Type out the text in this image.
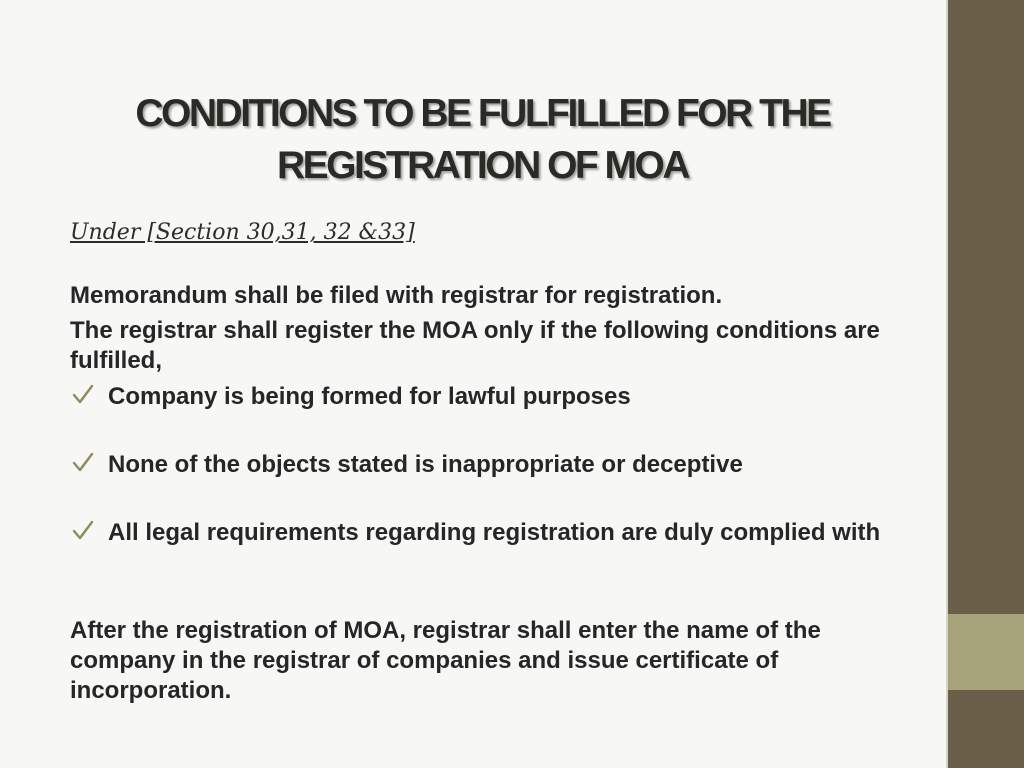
CONDITIONS TO BE FULFILLED FOR THE REGISTRATION OF MOA

Under [Section 30,31, 32 &33]

Memorandum shall be filed with registrar for registration.

The registrar shall register the MOA only if the following conditions are fulfilled,

Company is being formed for lawful purposes
None of the objects stated is inappropriate or deceptive
All legal requirements regarding registration are duly complied with

After the registration of MOA, registrar shall enter the name of the company in the registrar of companies and issue certificate of incorporation.
